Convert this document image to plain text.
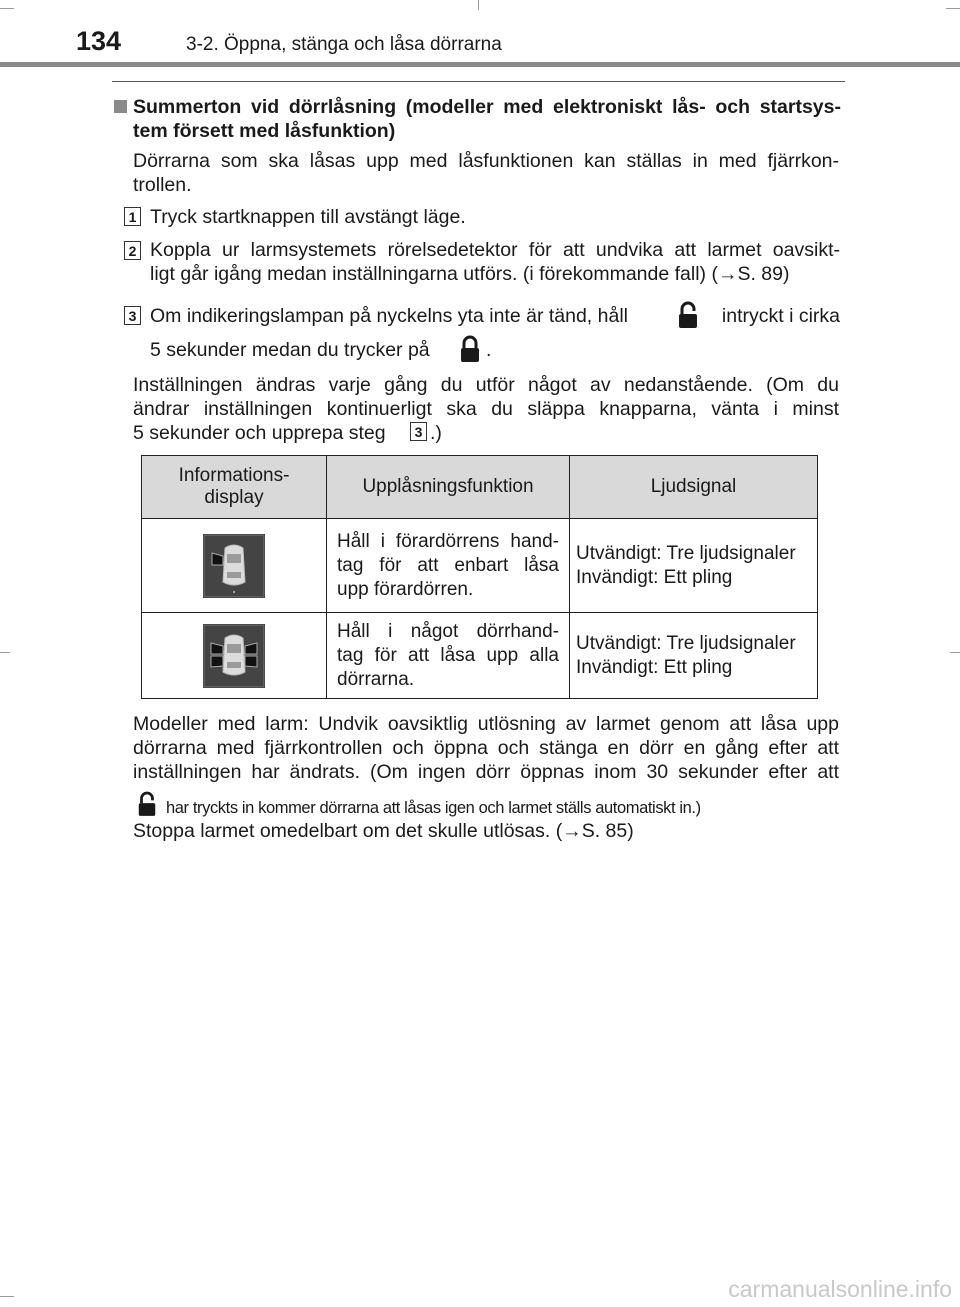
134	3-2. Öppna, stänga och låsa dörrarna
Summerton vid dörrlåsning (modeller med elektroniskt lås- och startsys-
tem försett med låsfunktion)
Dörrarna som ska låsas upp med låsfunktionen kan ställas in med fjärrkon-
trollen.
1 Tryck startknappen till avstängt läge.
2 Koppla ur larmsystemets rörelsedetektor för att undvika att larmet oavsikt-
ligt går igång medan inställningarna utförs. (i förekommande fall) (→S. 89)
3 Om indikeringslampan på nyckelns yta inte är tänd, håll	intryckt i cirka
5 sekunder medan du trycker på	.
Inställningen ändras varje gång du utför något av nedanstående. (Om du
ändrar inställningen kontinuerligt ska du släppa knapparna, vänta i minst
5 sekunder och upprepa steg	3 .)
Informations-
display	Upplåsningsfunktion	Ljudsignal

Håll i förardörrens hand-
tag för att enbart låsa
upp förardörren.	Utvändigt: Tre ljudsignaler
Invändigt: Ett pling

Håll i något dörrhand-
tag för att låsa upp alla
dörrarna.	Utvändigt: Tre ljudsignaler
Invändigt: Ett pling
Modeller med larm: Undvik oavsiktlig utlösning av larmet genom att låsa upp
dörrarna med fjärrkontrollen och öppna och stänga en dörr en gång efter att
inställningen har ändrats. (Om ingen dörr öppnas inom 30 sekunder efter att
har tryckts in kommer dörrarna att låsas igen och larmet ställs automatiskt in.)
Stoppa larmet omedelbart om det skulle utlösas. (→S. 85)
carmanualsonline.info
